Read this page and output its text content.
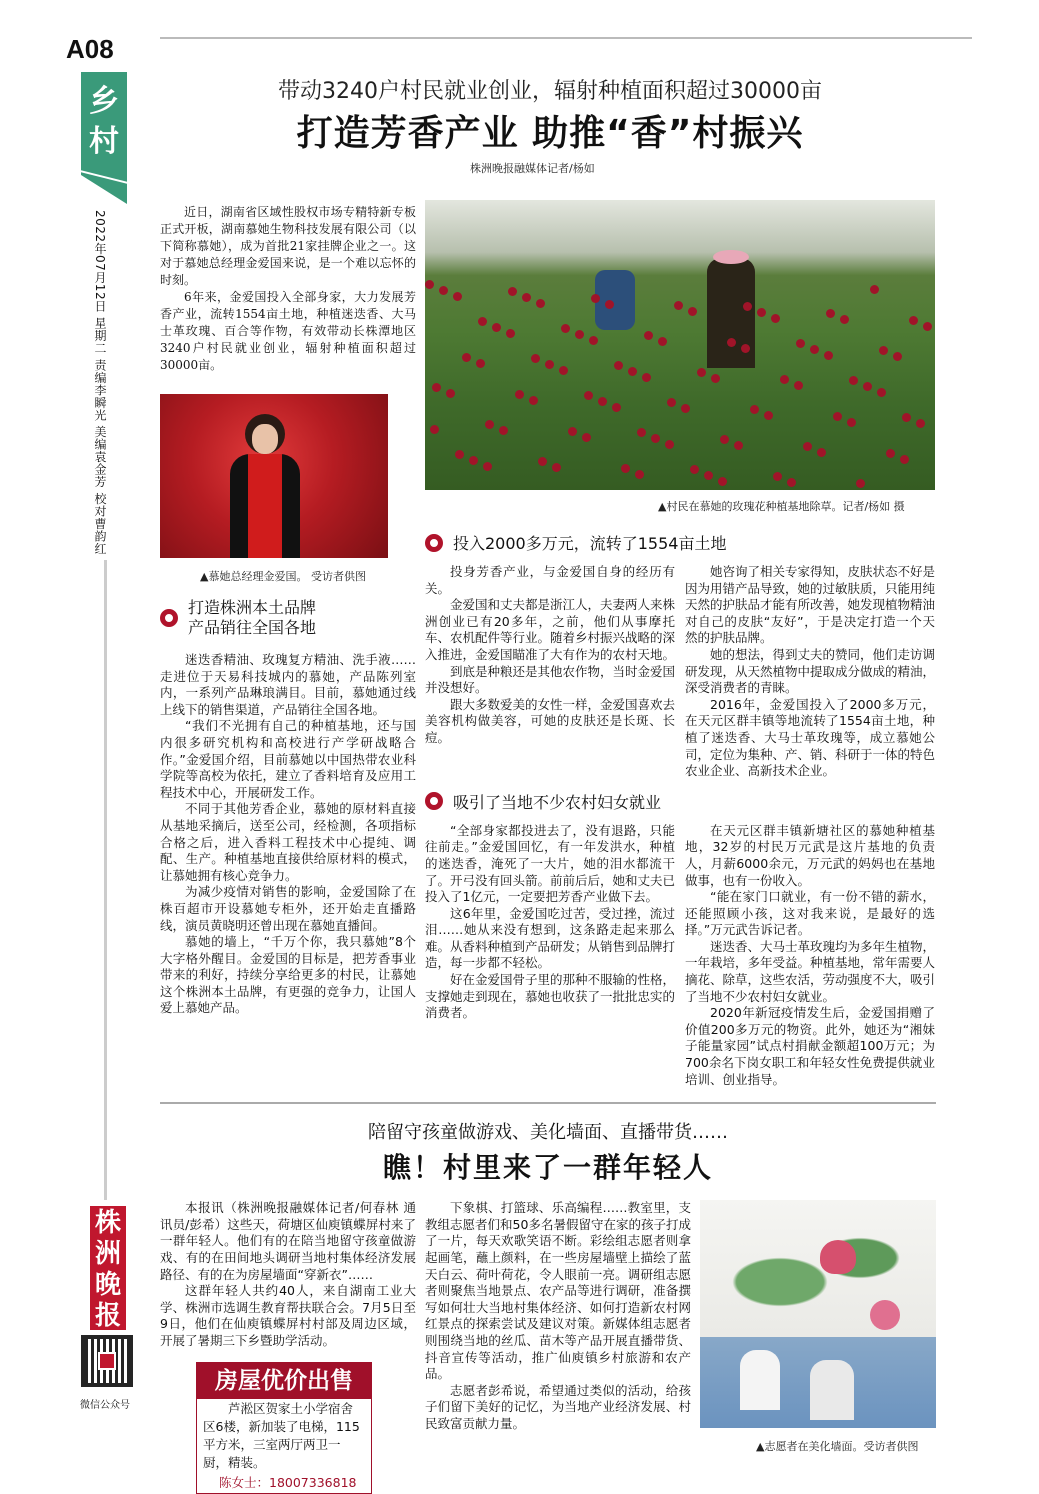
A08
乡村
2022年07月12日 星期二 责编李瞬光 美编袁金芳 校对曹韵红
株
洲
晚
报
微信公众号
带动3240户村民就业创业，辐射种植面积超过30000亩
打造芳香产业 助推“香”村振兴
株洲晚报融媒体记者/杨如

近日，湖南省区域性股权市场专精特新专板正式开板，湖南慕她生物科技发展有限公司（以下简称慕她），成为首批21家挂牌企业之一。这对于慕她总经理金爱国来说，是一个难以忘怀的时刻。

6年来，金爱国投入全部身家，大力发展芳香产业，流转1554亩土地，种植迷迭香、大马士革玫瑰、百合等作物，有效带动长株潭地区3240户村民就业创业，辐射种植面积超过30000亩。

▲慕她总经理金爱国。 受访者供图
打造株洲本土品牌
产品销往全国各地

迷迭香精油、玫瑰复方精油、洗手液……走进位于天易科技城内的慕她，产品陈列室内，一系列产品琳琅满目。目前，慕她通过线上线下的销售渠道，产品销往全国各地。

“我们不光拥有自己的种植基地，还与国内很多研究机构和高校进行产学研战略合作。”金爱国介绍，目前慕她以中国热带农业科学院等高校为依托，建立了香料培育及应用工程技术中心，开展研发工作。

不同于其他芳香企业，慕她的原材料直接从基地采摘后，送至公司，经检测，各项指标合格之后，进入香料工程技术中心提纯、调配、生产。种植基地直接供给原材料的模式，让慕她拥有核心竞争力。

为减少疫情对销售的影响，金爱国除了在株百超市开设慕她专柜外，还开始走直播路线，演员黄晓明还曾出现在慕她直播间。

慕她的墙上，“千万个你，我只慕她”8个大字格外醒目。金爱国的目标是，把芳香事业带来的利好，持续分享给更多的村民，让慕她这个株洲本土品牌，有更强的竞争力，让国人爱上慕她产品。

▲村民在慕她的玫瑰花种植基地除草。记者/杨如 摄
投入2000多万元，流转了1554亩土地

投身芳香产业，与金爱国自身的经历有关。

金爱国和丈夫都是浙江人，夫妻两人来株洲创业已有20多年，之前，他们从事摩托车、农机配件等行业。随着乡村振兴战略的深入推进，金爱国瞄准了大有作为的农村天地。

到底是种粮还是其他农作物，当时金爱国并没想好。

跟大多数爱美的女性一样，金爱国喜欢去美容机构做美容，可她的皮肤还是长斑、长痘。

她咨询了相关专家得知，皮肤状态不好是因为用错产品导致，她的过敏肤质，只能用纯天然的护肤品才能有所改善，她发现植物精油对自己的皮肤“友好”，于是决定打造一个天然的护肤品牌。

她的想法，得到丈夫的赞同，他们走访调研发现，从天然植物中提取成分做成的精油，深受消费者的青睐。

2016年，金爱国投入了2000多万元，在天元区群丰镇等地流转了1554亩土地，种植了迷迭香、大马士革玫瑰等，成立慕她公司，定位为集种、产、销、科研于一体的特色农业企业、高新技术企业。

吸引了当地不少农村妇女就业

“全部身家都投进去了，没有退路，只能往前走。”金爱国回忆，有一年发洪水，种植的迷迭香，淹死了一大片，她的泪水都流干了。开弓没有回头箭。前前后后，她和丈夫已投入了1亿元，一定要把芳香产业做下去。

这6年里，金爱国吃过苦，受过挫，流过泪……她从来没有想到，这条路走起来那么难。从香料种植到产品研发；从销售到品牌打造，每一步都不轻松。

好在金爱国骨子里的那种不服输的性格，支撑她走到现在，慕她也收获了一批批忠实的消费者。

在天元区群丰镇新塘社区的慕她种植基地，32岁的村民万元武是这片基地的负责人，月薪6000余元，万元武的妈妈也在基地做事，也有一份收入。

“能在家门口就业，有一份不错的薪水，还能照顾小孩，这对我来说，是最好的选择。”万元武告诉记者。

迷迭香、大马士革玫瑰均为多年生植物，一年栽培，多年受益。种植基地，常年需要人摘花、除草，这些农活，劳动强度不大，吸引了当地不少农村妇女就业。

2020年新冠疫情发生后，金爱国捐赠了价值200多万元的物资。此外，她还为“湘妹子能量家园”试点村捐献金额超100万元；为700余名下岗女职工和年轻女性免费提供就业培训、创业指导。

陪留守孩童做游戏、美化墙面、直播带货……
瞧！村里来了一群年轻人

本报讯（株洲晚报融媒体记者/何春林 通讯员/彭希）这些天，荷塘区仙庾镇蝶屏村来了一群年轻人。他们有的在陪当地留守孩童做游戏、有的在田间地头调研当地村集体经济发展路径、有的在为房屋墙面“穿新衣”……

这群年轻人共约40人，来自湖南工业大学、株洲市选调生教育帮扶联合会。7月5日至9日，他们在仙庾镇蝶屏村村部及周边区域，开展了暑期三下乡暨助学活动。

房屋优价出售
芦淞区贺家土小学宿舍区6楼，新加装了电梯，115平方米，三室两厅两卫一厨，精装。
陈女士：18007336818

下象棋、打篮球、乐高编程……教室里，支教组志愿者们和50多名暑假留守在家的孩子打成了一片，每天欢歌笑语不断。彩绘组志愿者则拿起画笔，蘸上颜料，在一些房屋墙壁上描绘了蓝天白云、荷叶荷花，令人眼前一亮。调研组志愿者则聚焦当地景点、农产品等进行调研，准备撰写如何壮大当地村集体经济、如何打造新农村网红景点的探索尝试及建议对策。新媒体组志愿者则围绕当地的丝瓜、苗木等产品开展直播带货、抖音宣传等活动，推广仙庾镇乡村旅游和农产品。

志愿者彭希说，希望通过类似的活动，给孩子们留下美好的记忆，为当地产业经济发展、村民致富贡献力量。

▲志愿者在美化墙面。受访者供图
